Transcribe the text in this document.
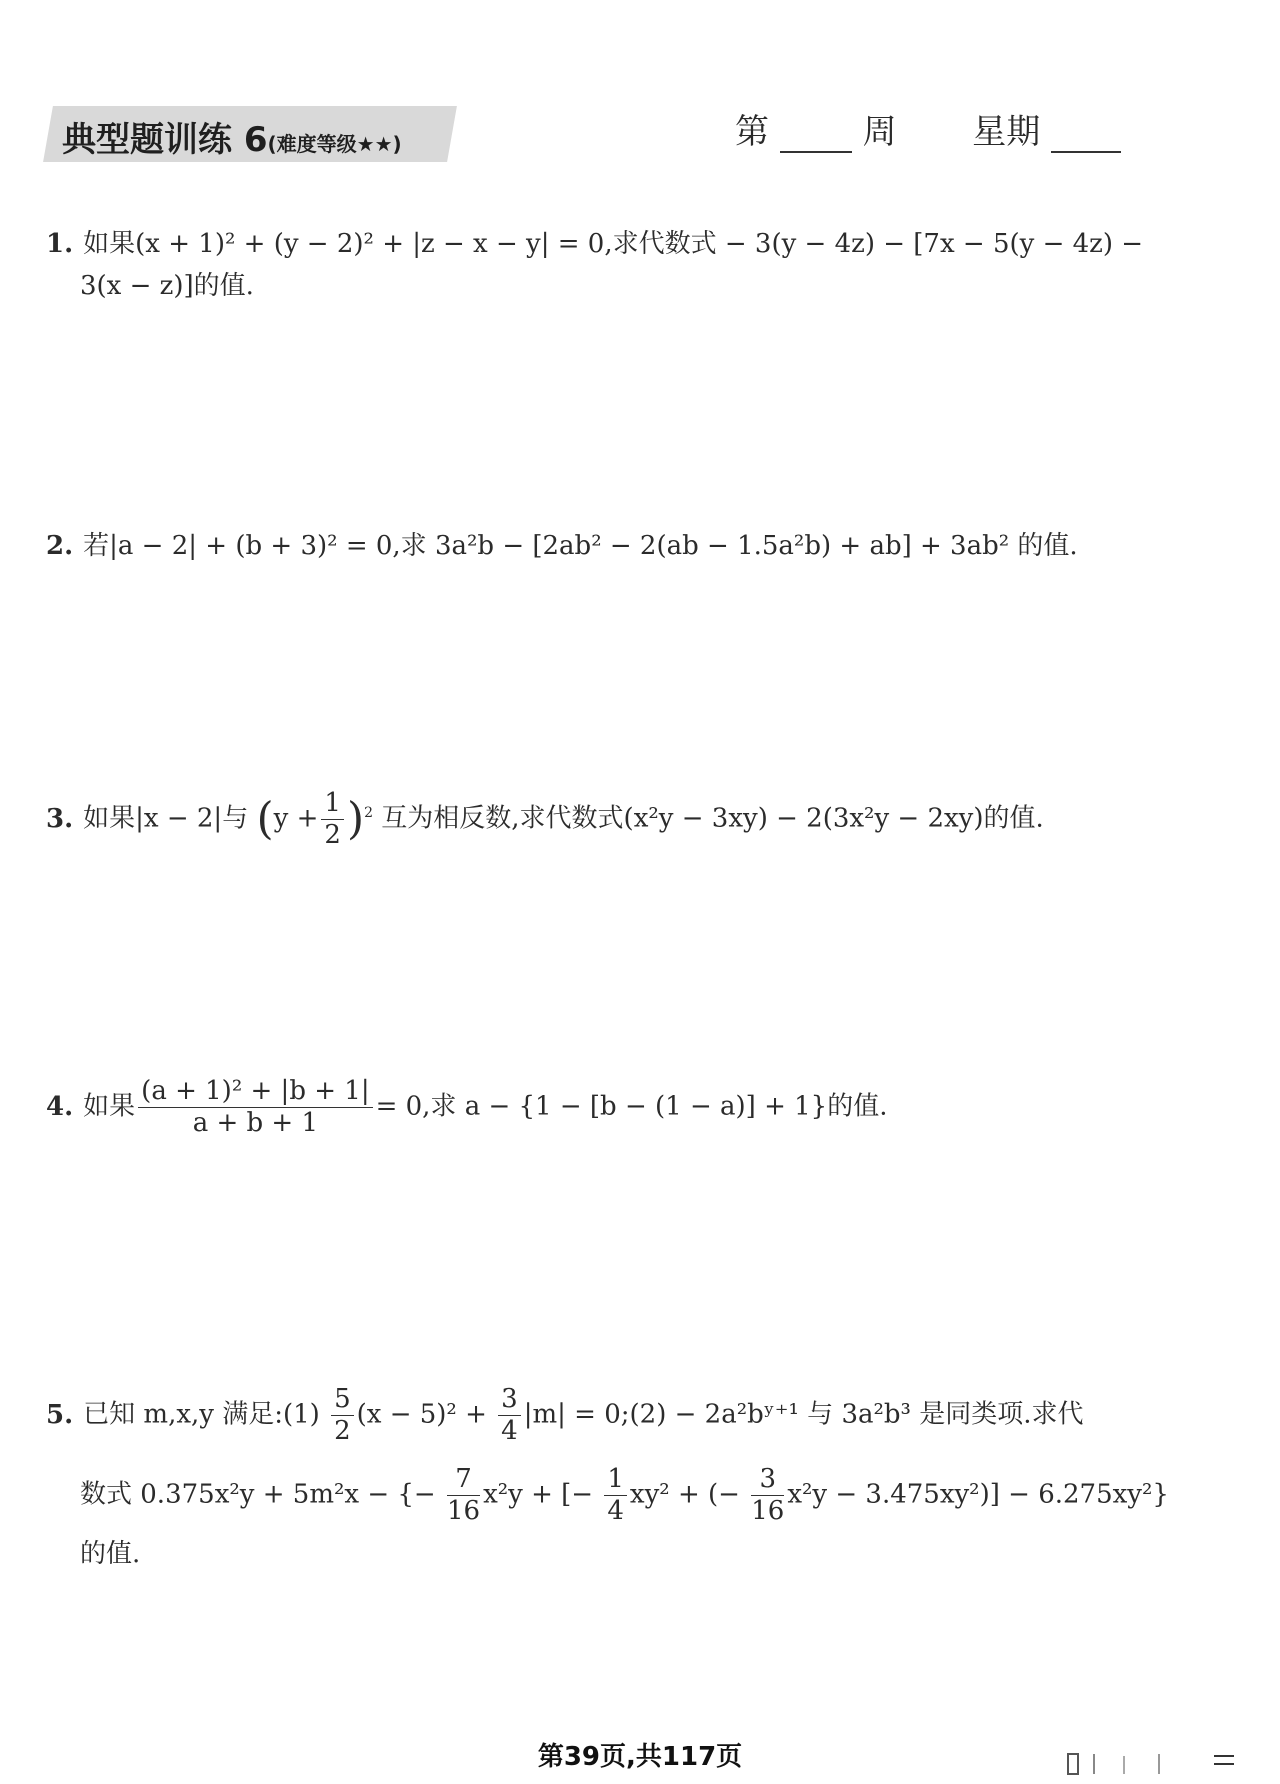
典型题训练 6(难度等级★★)	第	周 星期
1. 如果(x + 1)² + (y − 2)² + |z − x − y| = 0,求代数式 − 3(y − 4z) − [7x − 5(y − 4z) −
3(x − z)]的值.
2. 若|a − 2| + (b + 3)² = 0,求 3a²b − [2ab² − 2(ab − 1.5a²b) + ab] + 3ab² 的值.
3. 如果|x − 2|与 $(y + \frac{1}{2} )^2$ 互为相反数,求代数式(x²y − 3xy) − 2(3x²y − 2xy)的值.
4. 如果 $\frac{\text{(a + 1)² + |b + 1|}}{a + b + 1} = 0$,求 a − {1 − [b − (1 − a)] + 1}的值.
5. 已知 m,x,y 满足:(1) $\frac{5}{2} (x - 5)^2 + \frac{3}{4} |m|$ = 0;(2) − 2a²bʸ⁺¹ 与 3a²b³ 是同类项.求代
数式 0.375x²y + 5m²x − {− $\frac{7}{16} x^2y$ + [− $\frac{1}{4} xy^2$ + (− $\frac{3}{16} x^2y - 3.475xy^2)] - 6.275xy^2$}
的值.
第39页,共117页
